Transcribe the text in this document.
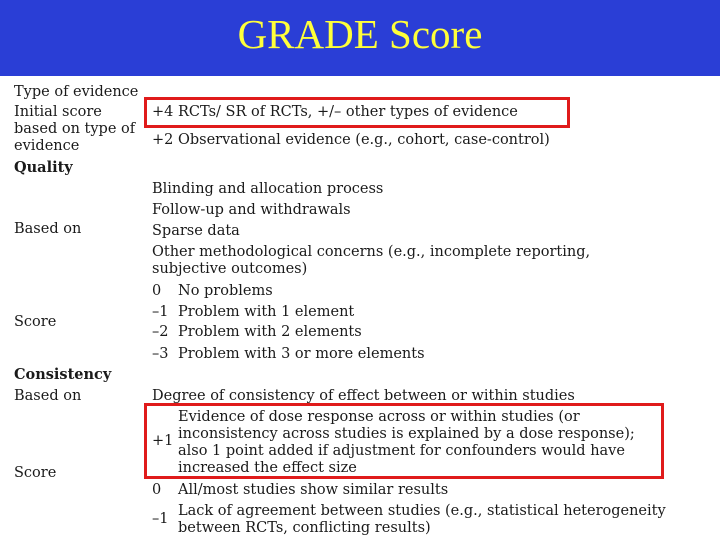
GRADE Score
Type of evidence
Initial score
based on type of
evidence
Quality
Based on
Score
Consistency
Based on
Score
+4 RCTs/ SR of RCTs, +/– other types of evidence
+2 Observational evidence (e.g., cohort, case-control)
Blinding and allocation process
Follow-up and withdrawals
Sparse data
Other methodological concerns (e.g., incomplete reporting,
subjective outcomes)
0 No problems
–1 Problem with 1 element
–2 Problem with 2 elements
–3 Problem with 3 or more elements
Degree of consistency of effect between or within studies
+1
Evidence of dose response across or within studies (or
inconsistency across studies is explained by a dose response);
also 1 point added if adjustment for confounders would have
increased the effect size
0 All/most studies show similar results
–1 Lack of agreement between studies (e.g., statistical heterogeneity
between RCTs, conflicting results)
